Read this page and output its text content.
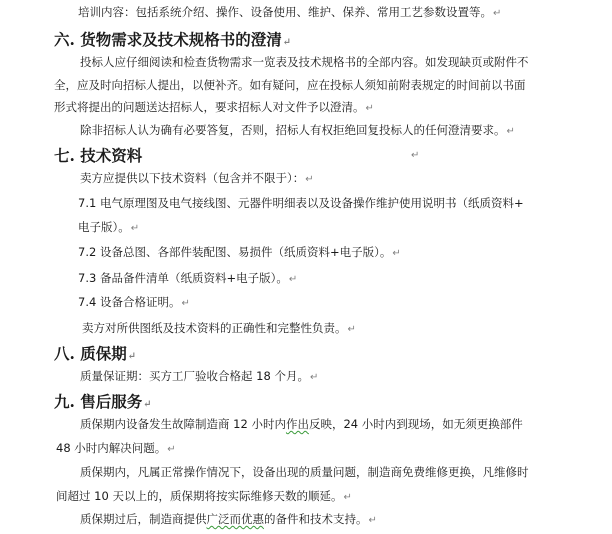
培训内容：包括系统介绍、操作、设备使用、维护、保养、常用工艺参数设置等。↵
六. 货物需求及技术规格书的澄清↵
投标人应仔细阅读和检查货物需求一览表及技术规格书的全部内容。如发现缺页或附件不
全，应及时向招标人提出，以便补齐。如有疑问，应在投标人须知前附表规定的时间前以书面
形式将提出的问题送达招标人，要求招标人对文件予以澄清。↵
除非招标人认为确有必要答复，否则，招标人有权拒绝回复投标人的任何澄清要求。↵
七. 技术资料	↵
卖方应提供以下技术资料（包含并不限于）：↵
7.1 电气原理图及电气接线图、元器件明细表以及设备操作维护使用说明书（纸质资料+
电子版）。↵
7.2 设备总图、各部件装配图、易损件（纸质资料+电子版）。↵
7.3 备品备件清单（纸质资料+电子版）。↵
7.4 设备合格证明。↵
卖方对所供图纸及技术资料的正确性和完整性负责。↵
八. 质保期↵
质量保证期：买方工厂验收合格起 18 个月。↵
九. 售后服务↵
质保期内设备发生故障制造商 12 小时内作出反映，24 小时内到现场，如无须更换部件
48 小时内解决问题。↵
质保期内，凡属正常操作情况下，设备出现的质量问题，制造商免费维修更换，凡维修时
间超过 10 天以上的，质保期将按实际维修天数的顺延。↵
质保期过后，制造商提供广泛而优惠的备件和技术支持。↵
